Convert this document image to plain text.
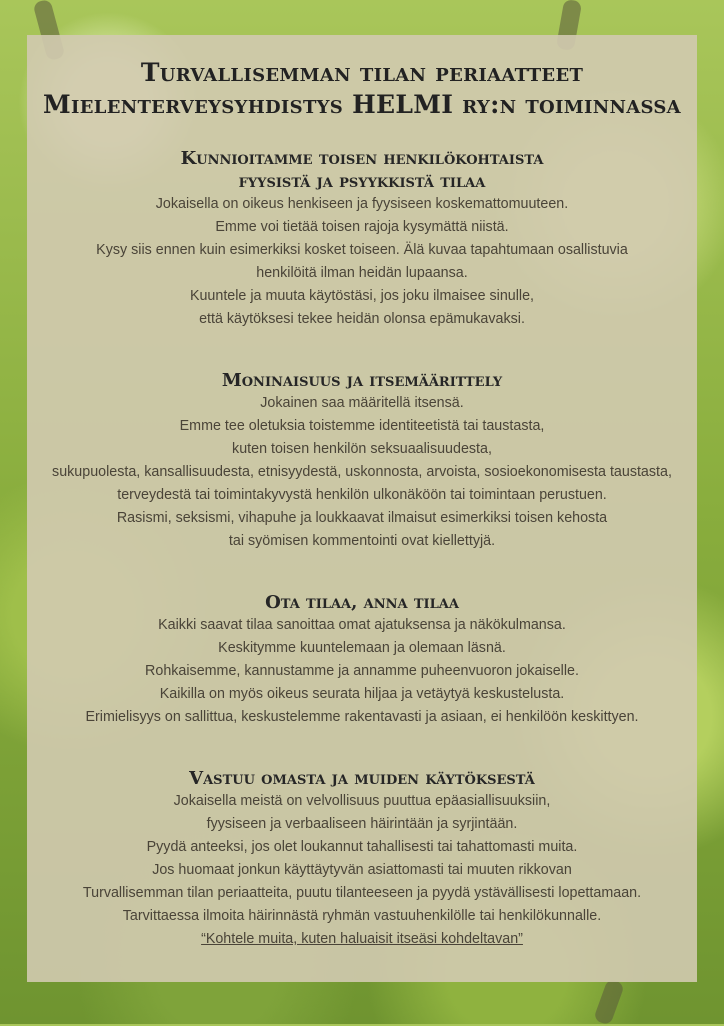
Turvallisemman tilan periaatteet
Mielenterveysyhdistys HELMI ry:n toiminnassa
Kunnioitamme toisen henkilökohtaista
fyysistä ja psyykkistä tilaa

Jokaisella on oikeus henkiseen ja fyysiseen koskemattomuuteen.

Emme voi tietää toisen rajoja kysymättä niistä.

Kysy siis ennen kuin esimerkiksi kosket toiseen. Älä kuvaa tapahtumaan osallistuvia

henkilöitä ilman heidän lupaansa.

Kuuntele ja muuta käytöstäsi, jos joku ilmaisee sinulle,

että käytöksesi tekee heidän olonsa epämukavaksi.

Moninaisuus ja itsemäärittely

Jokainen saa määritellä itsensä.

Emme tee oletuksia toistemme identiteetistä tai taustasta,

kuten toisen henkilön seksuaalisuudesta,

sukupuolesta, kansallisuudesta, etnisyydestä, uskonnosta, arvoista, sosioekonomisesta taustasta,

terveydestä tai toimintakyvystä henkilön ulkonäköön tai toimintaan perustuen.

Rasismi, seksismi, vihapuhe ja loukkaavat ilmaisut esimerkiksi toisen kehosta

tai syömisen kommentointi ovat kiellettyjä.

Ota tilaa, anna tilaa

Kaikki saavat tilaa sanoittaa omat ajatuksensa ja näkökulmansa.

Keskitymme kuuntelemaan ja olemaan läsnä.

Rohkaisemme, kannustamme ja annamme puheenvuoron jokaiselle.

Kaikilla on myös oikeus seurata hiljaa ja vetäytyä keskustelusta.

Erimielisyys on sallittua, keskustelemme rakentavasti ja asiaan, ei henkilöön keskittyen.

Vastuu omasta ja muiden käytöksestä

Jokaisella meistä on velvollisuus puuttua epäasiallisuuksiin,

fyysiseen ja verbaaliseen häirintään ja syrjintään.

Pyydä anteeksi, jos olet loukannut tahallisesti tai tahattomasti muita.

Jos huomaat jonkun käyttäytyvän asiattomasti tai muuten rikkovan

Turvallisemman tilan periaatteita, puutu tilanteeseen ja pyydä ystävällisesti lopettamaan.

Tarvittaessa ilmoita häirinnästä ryhmän vastuuhenkilölle tai henkilökunnalle.

“Kohtele muita, kuten haluaisit itseäsi kohdeltavan”
